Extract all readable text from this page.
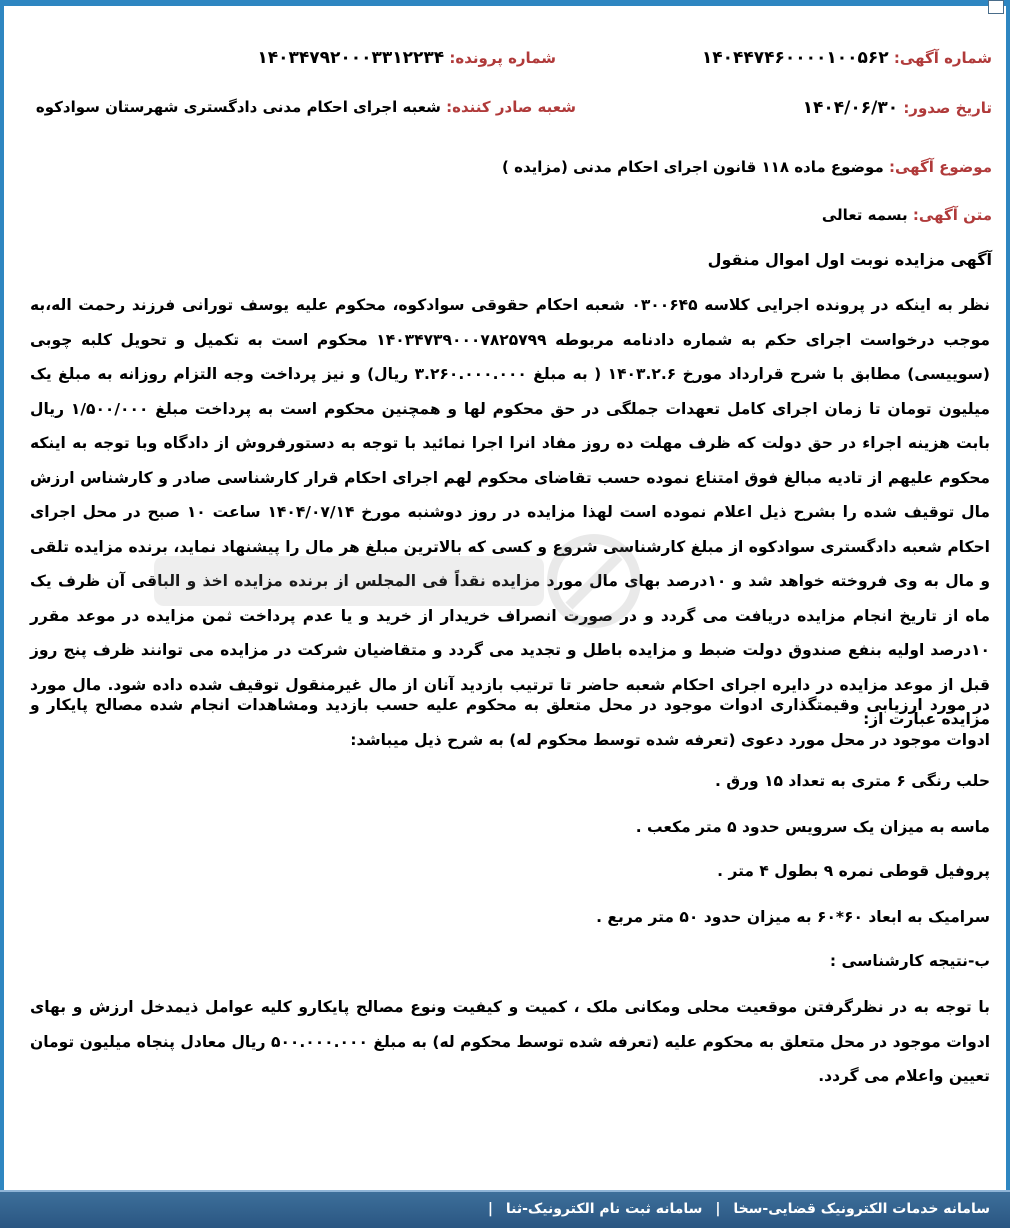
شماره آگهی: ۱۴۰۴۴۷۴۶۰۰۰۰۱۰۰۵۶۲
شماره پرونده: ۱۴۰۳۴۷۹۲۰۰۰۳۳۱۲۲۳۴
تاریخ صدور: ۱۴۰۴/۰۶/۳۰
شعبه صادر کننده: شعبه اجرای احکام مدنی دادگستری شهرستان سوادکوه
موضوع آگهی: موضوع ماده ۱۱۸ قانون اجرای احکام مدنی (مزایده )
متن آگهی: بسمه تعالی
آگهی مزایده نوبت اول اموال منقول
نظر به اینکه در پرونده اجرایی کلاسه ۰۳۰۰۶۴۵ شعبه احکام حقوقی سوادکوه، محکوم علیه یوسف تورانی فرزند رحمت اله،به موجب درخواست اجرای حکم به شماره دادنامه مربوطه ۱۴۰۳۴۷۳۹۰۰۰۷۸۲۵۷۹۹ محکوم است به تکمیل و تحویل کلبه چوبی (سوییسی) مطابق با شرح قرارداد مورخ ۱۴۰۳.۲.۶ ( به مبلغ ۳.۲۶۰.۰۰۰.۰۰۰ ریال) و نیز پرداخت وجه التزام روزانه به مبلغ یک میلیون تومان تا زمان اجرای کامل تعهدات جملگی در حق محکوم لها و همچنین محکوم است به پرداخت مبلغ ۱/۵۰۰/۰۰۰ ریال بابت هزینه اجراء در حق دولت که ظرف مهلت ده روز مفاد انرا اجرا نمائید با توجه به دستورفروش از دادگاه وبا توجه به اینکه محکوم علیهم از تادیه مبالغ فوق امتناع نموده حسب تقاضای محکوم لهم اجرای احکام قرار کارشناسی صادر و کارشناس ارزش مال توقیف شده را بشرح ذیل اعلام نموده است لهذا مزایده در روز دوشنبه مورخ ۱۴۰۴/۰۷/۱۴ ساعت ۱۰ صبح در محل اجرای احکام شعبه دادگستری سوادکوه از مبلغ کارشناسی شروع و کسی که بالاترین مبلغ هر مال را پیشنهاد نماید، برنده مزایده تلقی و مال به وی فروخته خواهد شد و ۱۰درصد بهای مال مورد مزایده نقداً فی المجلس از برنده مزایده اخذ و الباقی آن ظرف یک ماه از تاریخ انجام مزایده دریافت می گردد و در صورت انصراف خریدار از خرید و یا عدم پرداخت ثمن مزایده در موعد مقرر ۱۰درصد اولیه بنفع صندوق دولت ضبط و مزایده باطل و تجدید می گردد و متقاضیان شرکت در مزایده می توانند ظرف پنج روز قبل از موعد مزایده در دایره اجرای احکام شعبه حاضر تا ترتیب بازدید آنان از مال غیرمنقول توقیف شده داده شود. مال مورد مزایده عبارت از:
در مورد ارزیابی وقیمتگذاری ادوات موجود در محل متعلق به محکوم علیه حسب بازدید ومشاهدات انجام شده مصالح پایکار و ادوات موجود در محل مورد دعوی (تعرفه شده توسط محکوم له) به شرح ذیل میباشد:
حلب رنگی ۶ متری به تعداد ۱۵ ورق .
ماسه به میزان یک سرویس حدود ۵ متر مکعب .
پروفیل قوطی نمره ۹ بطول ۴ متر .
سرامیک به ابعاد ۶۰*۶۰ به میزان حدود ۵۰ متر مربع .
ب-نتیجه کارشناسی :
با توجه به در نظرگرفتن موقعیت محلی ومکانی ملک ، کمیت و کیفیت ونوع مصالح پایکارو کلیه عوامل ذیمدخل ارزش و بهای ادوات موجود در محل متعلق به محکوم علیه (تعرفه شده توسط محکوم له) به مبلغ ۵۰۰.۰۰۰.۰۰۰ ریال معادل پنجاه میلیون تومان تعیین واعلام می گردد.
سامانه خدمات الکترونیک قضایی-سخا | سامانه ثبت نام الکترونیک-ثنا |
